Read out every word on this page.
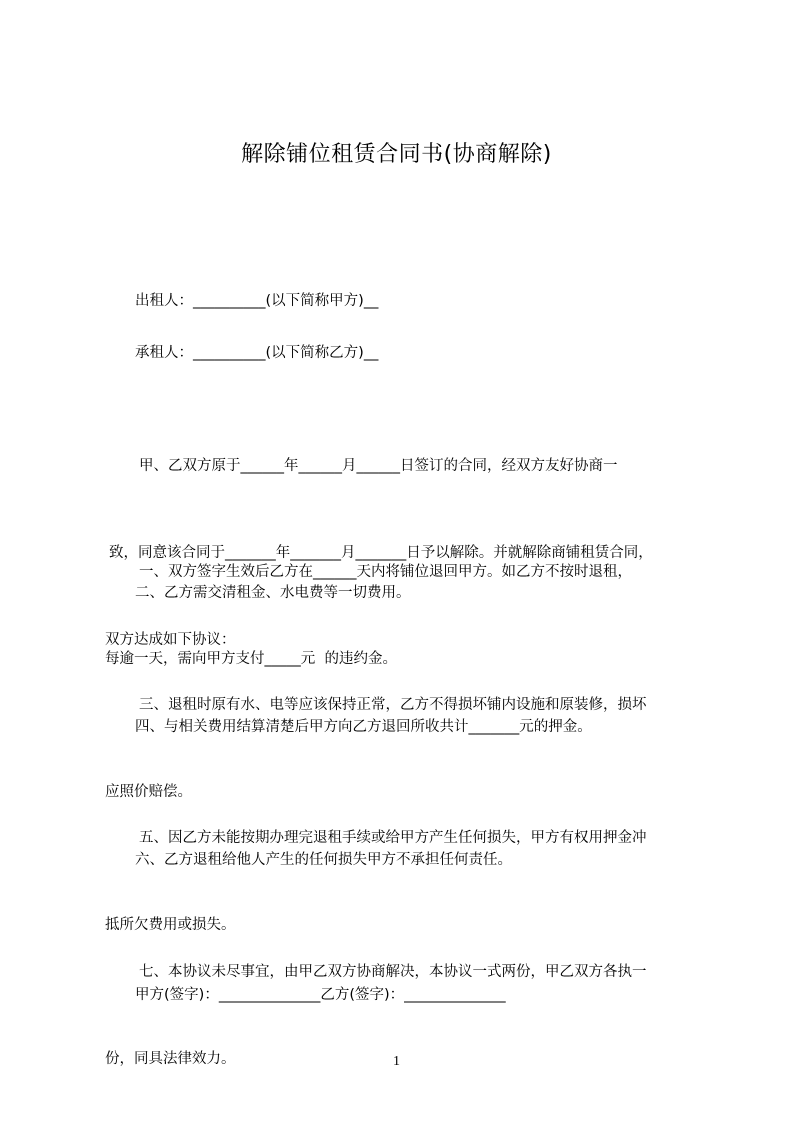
解除铺位租赁合同书(协商解除)

出租人：__________(以下简称甲方)__

承租人：__________(以下简称乙方)__

甲、乙双方原于______年______月______日签订的合同，经双方友好协商一

致，同意该合同于_______年_______月_______日予以解除。并就解除商铺租赁合同，

双方达成如下协议：

一、双方签字生效后乙方在______天内将铺位退回甲方。如乙方不按时退租，

每逾一天，需向甲方支付_____元  的违约金。

二、乙方需交清租金、水电费等一切费用。

三、退租时原有水、电等应该保持正常，乙方不得损坏铺内设施和原装修，损坏

应照价赔偿。

四、与相关费用结算清楚后甲方向乙方退回所收共计_______元的押金。

五、因乙方未能按期办理完退租手续或给甲方产生任何损失，甲方有权用押金冲

抵所欠费用或损失。

六、乙方退租给他人产生的任何损失甲方不承担任何责任。

七、本协议未尽事宜，由甲乙双方协商解决，本协议一式两份，甲乙双方各执一

份，同具法律效力。

甲方(签字)：______________乙方(签字)：______________

1
